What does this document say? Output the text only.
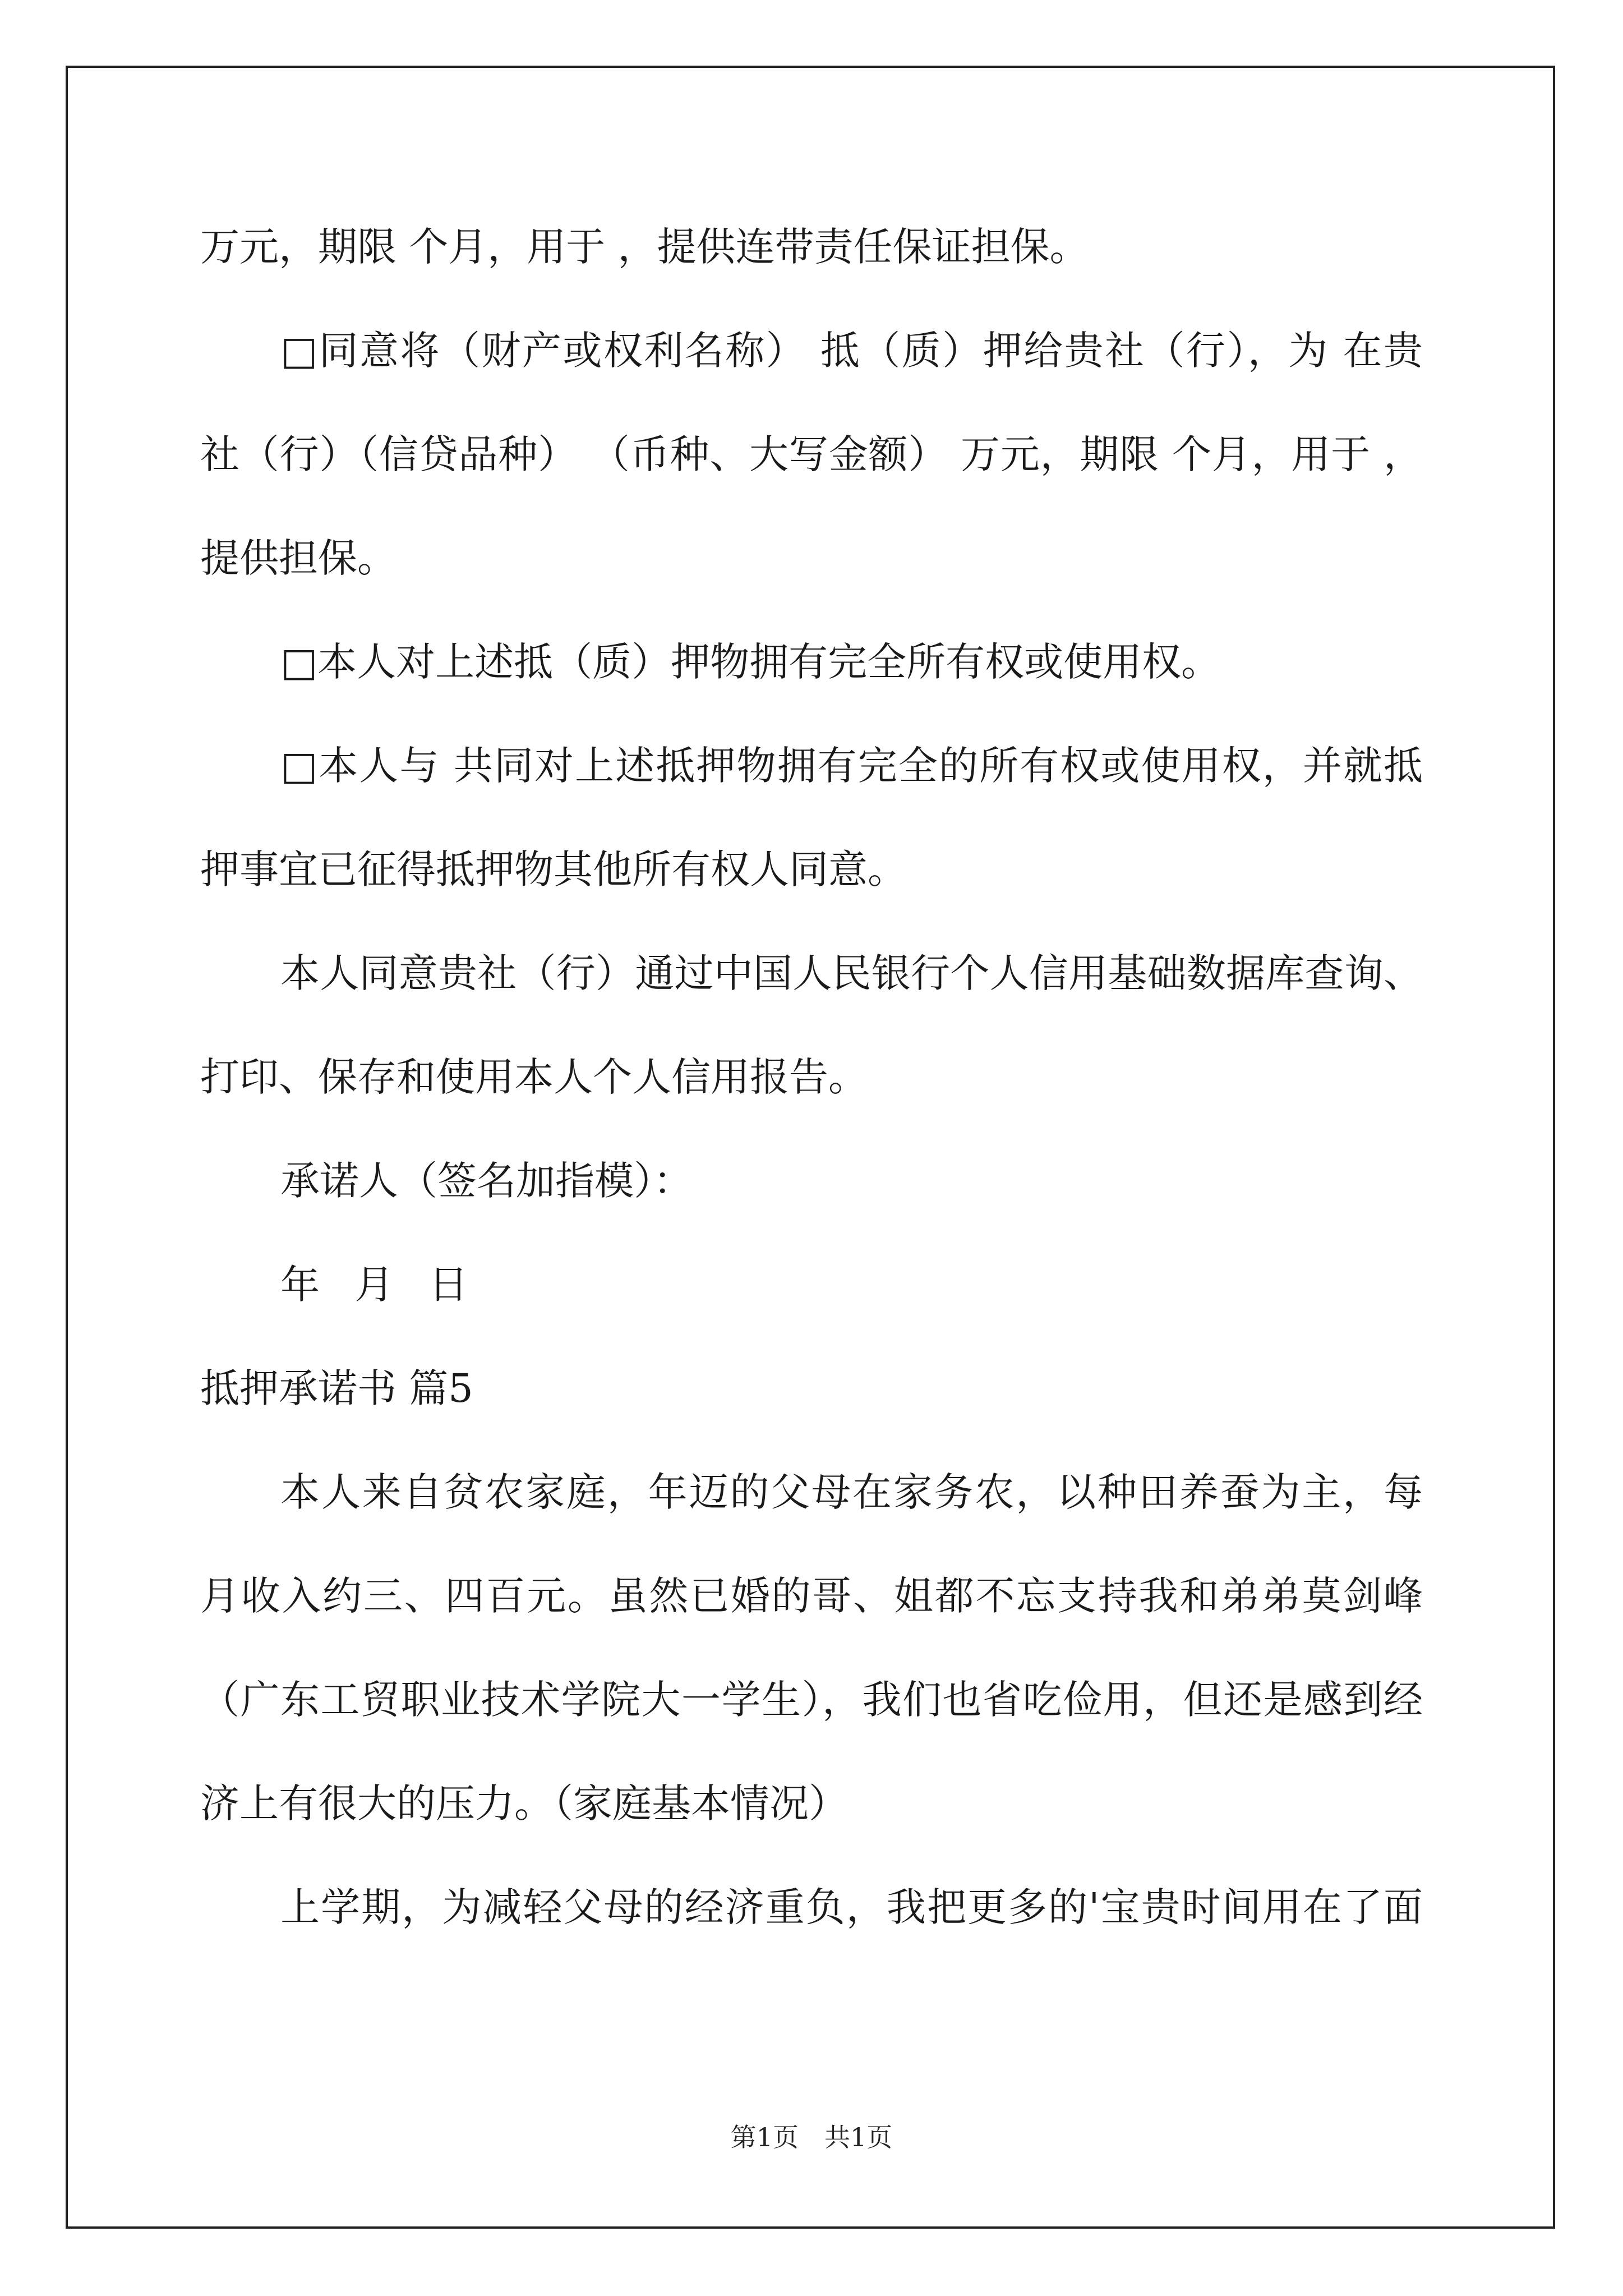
万元，期限 个月，用于 ，提供连带责任保证担保。
□同意将（财产或权利名称） 抵（质）押给贵社（行），为 在贵
社（行）（信贷品种） （币种、大写金额） 万元，期限 个月，用于 ，
提供担保。
□本人对上述抵（质）押物拥有完全所有权或使用权。
□本人与 共同对上述抵押物拥有完全的所有权或使用权，并就抵
押事宜已征得抵押物其他所有权人同意。
本人同意贵社（行）通过中国人民银行个人信用基础数据库查询、
打印、保存和使用本人个人信用报告。
承诺人（签名加指模）：
年 月 日
抵押承诺书 篇5
本人来自贫农家庭，年迈的父母在家务农，以种田养蚕为主，每
月收入约三、四百元。虽然已婚的哥、姐都不忘支持我和弟弟莫剑峰
（广东工贸职业技术学院大一学生），我们也省吃俭用，但还是感到经
济上有很大的压力。（家庭基本情况）
上学期，为减轻父母的经济重负，我把更多的'宝贵时间用在了面
第1页　共1页
